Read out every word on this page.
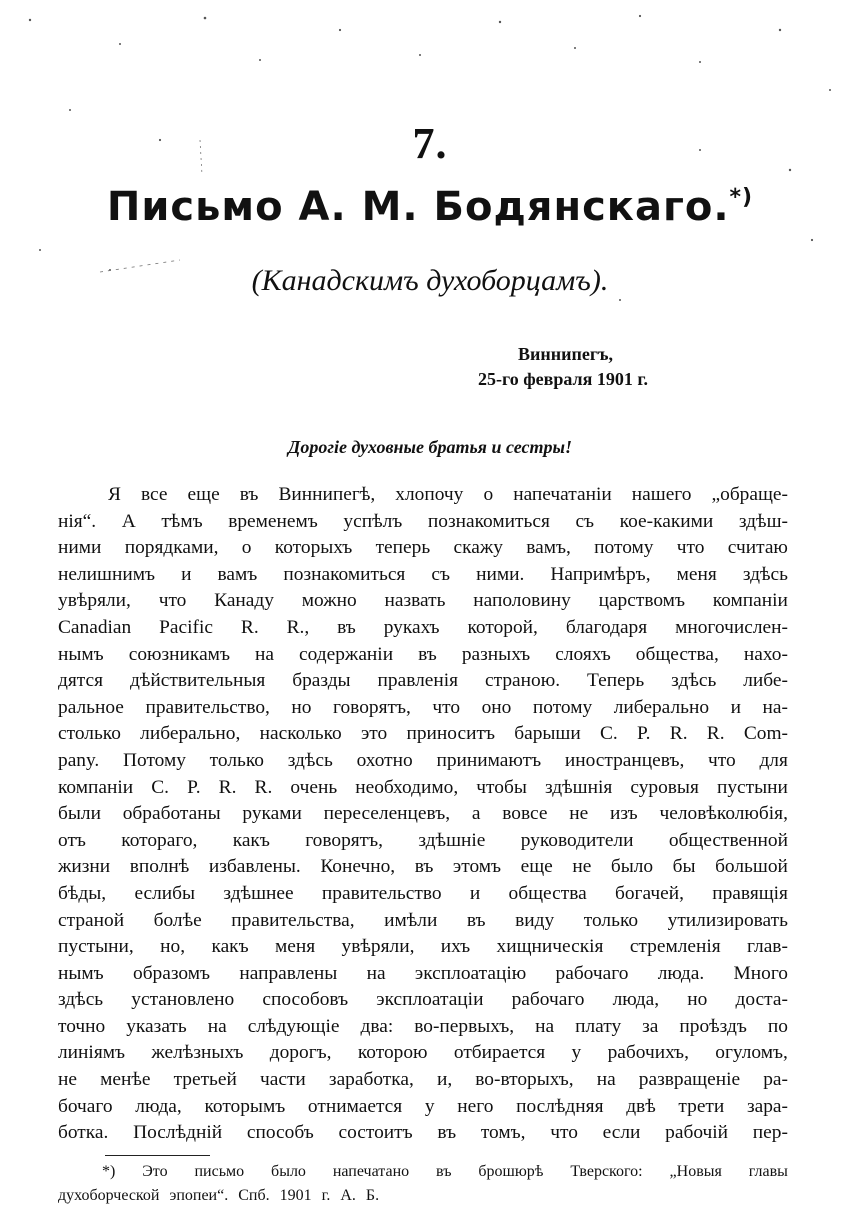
7.
Письмо А. М. Бодянскаго.*)
(Канадскимъ духоборцамъ).
Виннипегъ,
25-го февраля 1901 г.
Дорогіе духовные братья и сестры!
Я все еще въ Виннипегѣ, хлопочу о напечатаніи нашего „обраще-
нія“. А тѣмъ временемъ успѣлъ познакомиться съ кое-какими здѣш-
ними порядками, о которыхъ теперь скажу вамъ, потому что считаю
нелишнимъ и вамъ познакомиться съ ними. Напримѣръ, меня здѣсь
увѣряли, что Канаду можно назвать наполовину царствомъ компаніи
Canadian Pacific R. R., въ рукахъ которой, благодаря многочислен-
нымъ союзникамъ на содержаніи въ разныхъ слояхъ общества, нахо-
дятся дѣйствительныя бразды правленія страною. Теперь здѣсь либе-
ральное правительство, но говорятъ, что оно потому либерально и на-
столько либерально, насколько это приноситъ барыши C. P. R. R. Com-
pany. Потому только здѣсь охотно принимаютъ иностранцевъ, что для
компаніи C. P. R. R. очень необходимо, чтобы здѣшнія суровыя пустыни
были обработаны руками переселенцевъ, а вовсе не изъ человѣколюбія,
отъ котораго, какъ говорятъ, здѣшніе руководители общественной
жизни вполнѣ избавлены. Конечно, въ этомъ еще не было бы большой
бѣды, еслибы здѣшнее правительство и общества богачей, правящія
страной болѣе правительства, имѣли въ виду только утилизировать
пустыни, но, какъ меня увѣряли, ихъ хищническія стремленія глав-
нымъ образомъ направлены на эксплоатацію рабочаго люда. Много
здѣсь установлено способовъ эксплоатаціи рабочаго люда, но доста-
точно указать на слѣдующіе два: во-первыхъ, на плату за проѣздъ по
линіямъ желѣзныхъ дорогъ, которою отбирается у рабочихъ, огуломъ,
не менѣе третьей части заработка, и, во-вторыхъ, на развращеніе ра-
бочаго люда, которымъ отнимается у него послѣдняя двѣ трети зара-
ботка. Послѣдній способъ состоитъ въ томъ, что если рабочій пер-
*) Это письмо было напечатано въ брошюрѣ Тверского: „Новыя главы
духоборческой эпопеи“. Спб. 1901 г. А. Б.
